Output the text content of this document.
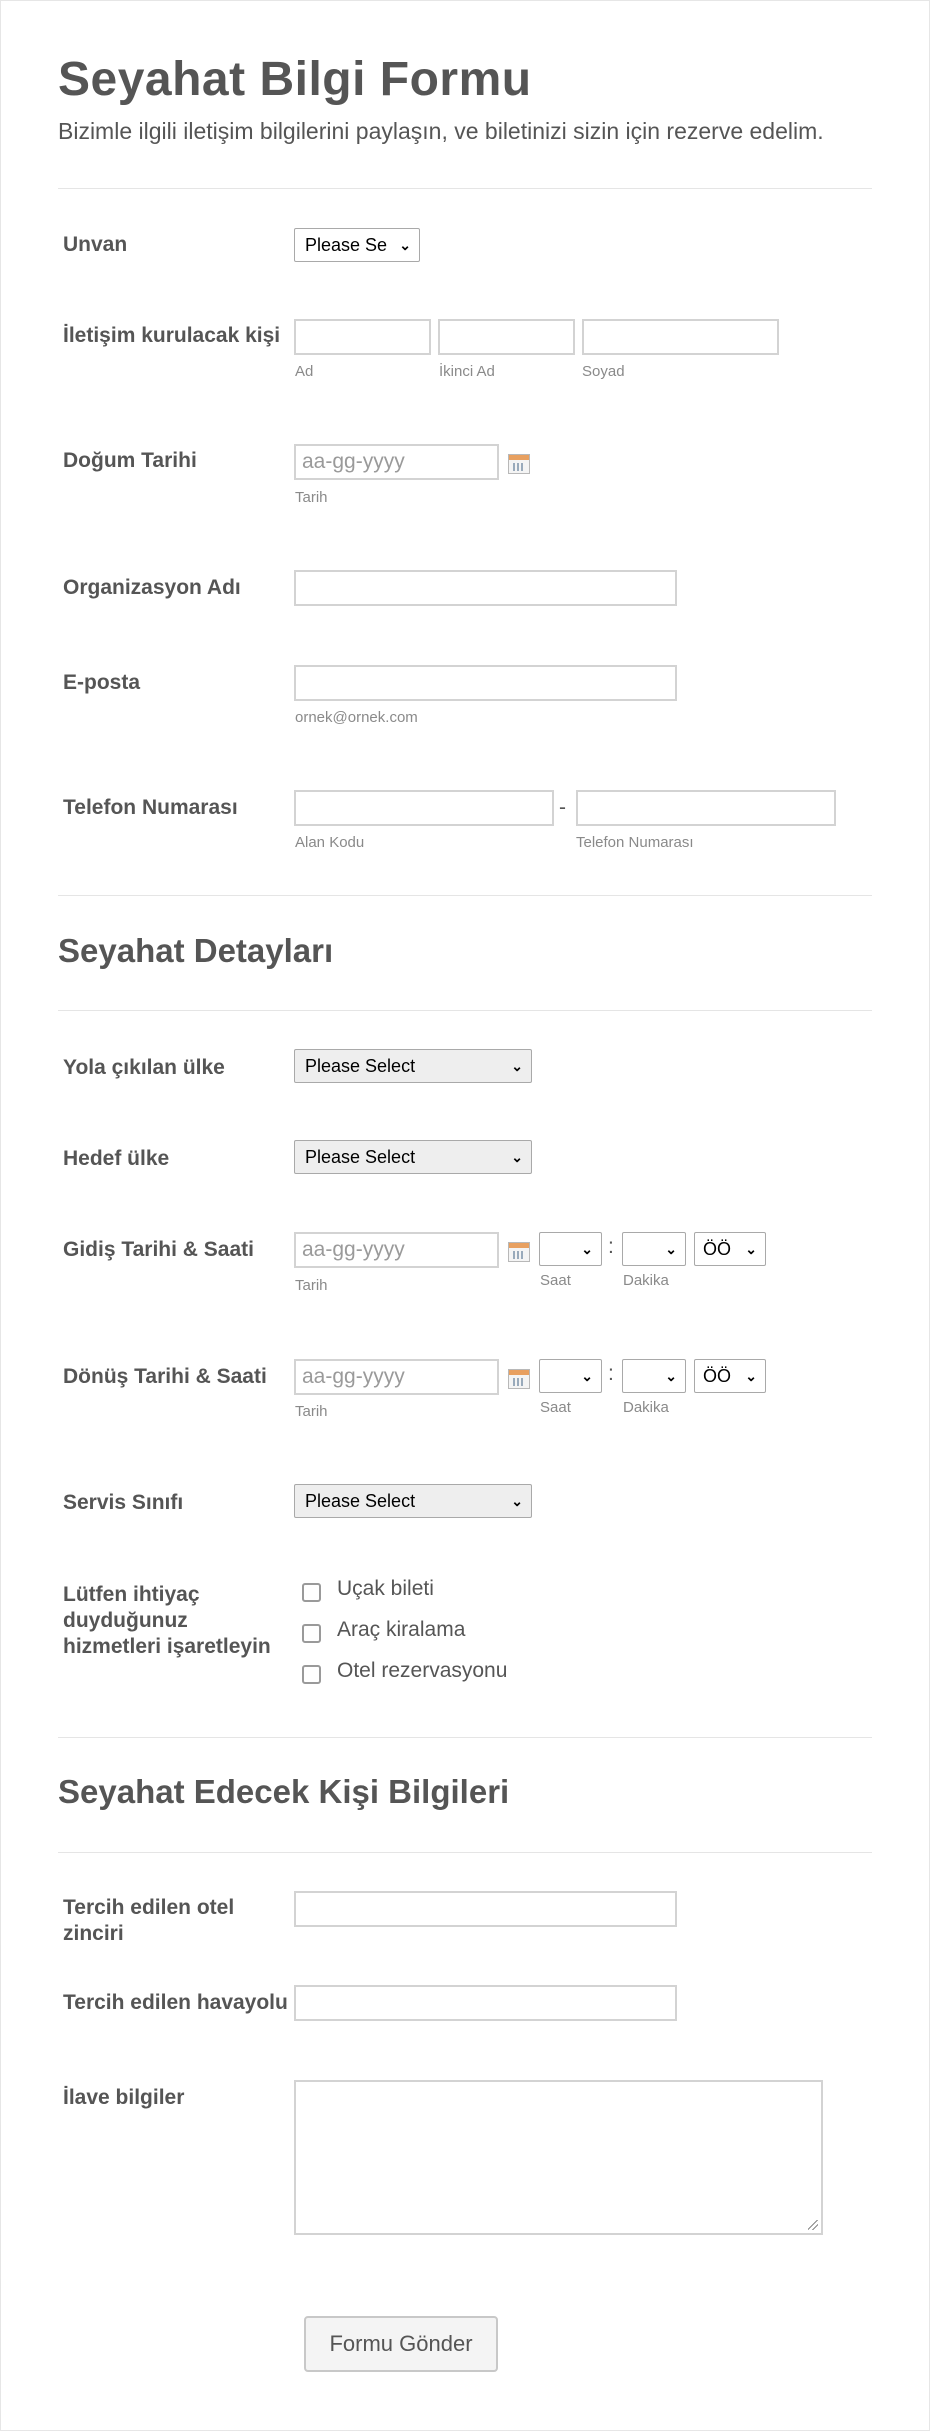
Seyahat Bilgi Formu
Bizimle ilgili iletişim bilgilerini paylaşın, ve biletinizi sizin için rezerve edelim.
Unvan	Please Se ⌄
İletişim kurulacak kişi
Ad	İkinci Ad	Soyad
Doğum Tarihi	aa-gg-yyyy
Tarih
Organizasyon Adı
E-posta
ornek@ornek.com
Telefon Numarası	-
Alan Kodu	Telefon Numarası
Seyahat Detayları
Yola çıkılan ülke	Please Select	⌄
Hedef ülke	Please Select	⌄
Gidiş Tarihi & Saati	aa-gg-yyyy	⌄ :	⌄	ÖÖ ⌄
Tarih	Saat	Dakika
Dönüş Tarihi & Saati	aa-gg-yyyy	⌄ :	⌄	ÖÖ ⌄
Tarih	Saat	Dakika
Servis Sınıfı	Please Select	⌄
Lütfen ihtiyaç duyduğunuz hizmetleri işaretleyin
Uçak bileti
Araç kiralama
Otel rezervasyonu
Seyahat Edecek Kişi Bilgileri
Tercih edilen otel zinciri
Tercih edilen havayolu
İlave bilgiler
Formu Gönder
